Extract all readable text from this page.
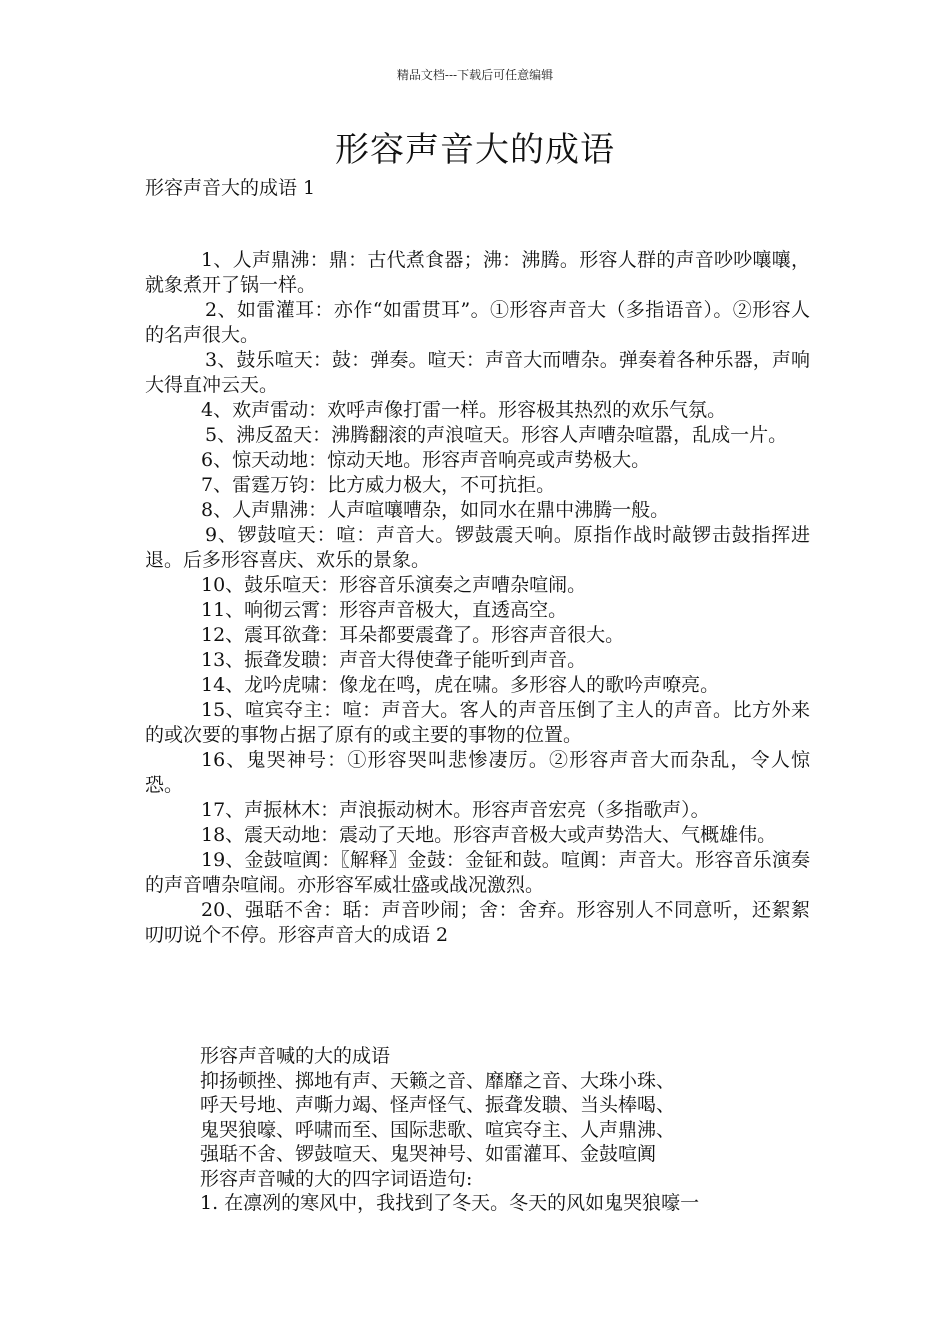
精品文档---下载后可任意编辑
形容声音大的成语
形容声音大的成语 1

1、人声鼎沸：鼎：古代煮食器；沸：沸腾。形容人群的声音吵吵嚷嚷，就象煮开了锅一样。

2、如雷灌耳：亦作“如雷贯耳”。①形容声音大（多指语音）。②形容人的名声很大。

3、鼓乐喧天：鼓：弹奏。喧天：声音大而嘈杂。弹奏着各种乐器，声响大得直冲云天。

4、欢声雷动：欢呼声像打雷一样。形容极其热烈的欢乐气氛。

5、沸反盈天：沸腾翻滚的声浪喧天。形容人声嘈杂喧嚣，乱成一片。

6、惊天动地：惊动天地。形容声音响亮或声势极大。

7、雷霆万钧：比方威力极大，不可抗拒。

8、人声鼎沸：人声喧嚷嘈杂，如同水在鼎中沸腾一般。

9、锣鼓喧天：喧：声音大。锣鼓震天响。原指作战时敲锣击鼓指挥进退。后多形容喜庆、欢乐的景象。

10、鼓乐喧天：形容音乐演奏之声嘈杂喧闹。

11、响彻云霄：形容声音极大，直透高空。

12、震耳欲聋：耳朵都要震聋了。形容声音很大。

13、振聋发聩：声音大得使聋子能听到声音。

14、龙吟虎啸：像龙在鸣，虎在啸。多形容人的歌吟声嘹亮。

15、喧宾夺主：喧：声音大。客人的声音压倒了主人的声音。比方外来的或次要的事物占据了原有的或主要的事物的位置。

16、鬼哭神号：①形容哭叫悲惨凄厉。②形容声音大而杂乱，令人惊恐。

17、声振林木：声浪振动树木。形容声音宏亮（多指歌声）。

18、震天动地：震动了天地。形容声音极大或声势浩大、气概雄伟。

19、金鼓喧阗：〖解释〗金鼓：金钲和鼓。喧阗：声音大。形容音乐演奏的声音嘈杂喧闹。亦形容军威壮盛或战况激烈。

20、强聒不舍：聒：声音吵闹；舍：舍弃。形容别人不同意听，还絮絮叨叨说个不停。形容声音大的成语 2

形容声音喊的大的成语

抑扬顿挫、掷地有声、天籁之音、靡靡之音、大珠小珠、

呼天号地、声嘶力竭、怪声怪气、振聋发聩、当头棒喝、

鬼哭狼嚎、呼啸而至、国际悲歌、喧宾夺主、人声鼎沸、

强聒不舍、锣鼓喧天、鬼哭神号、如雷灌耳、金鼓喧阗

形容声音喊的大的四字词语造句:

1. 在凛冽的寒风中，我找到了冬天。冬天的风如鬼哭狼嚎一
